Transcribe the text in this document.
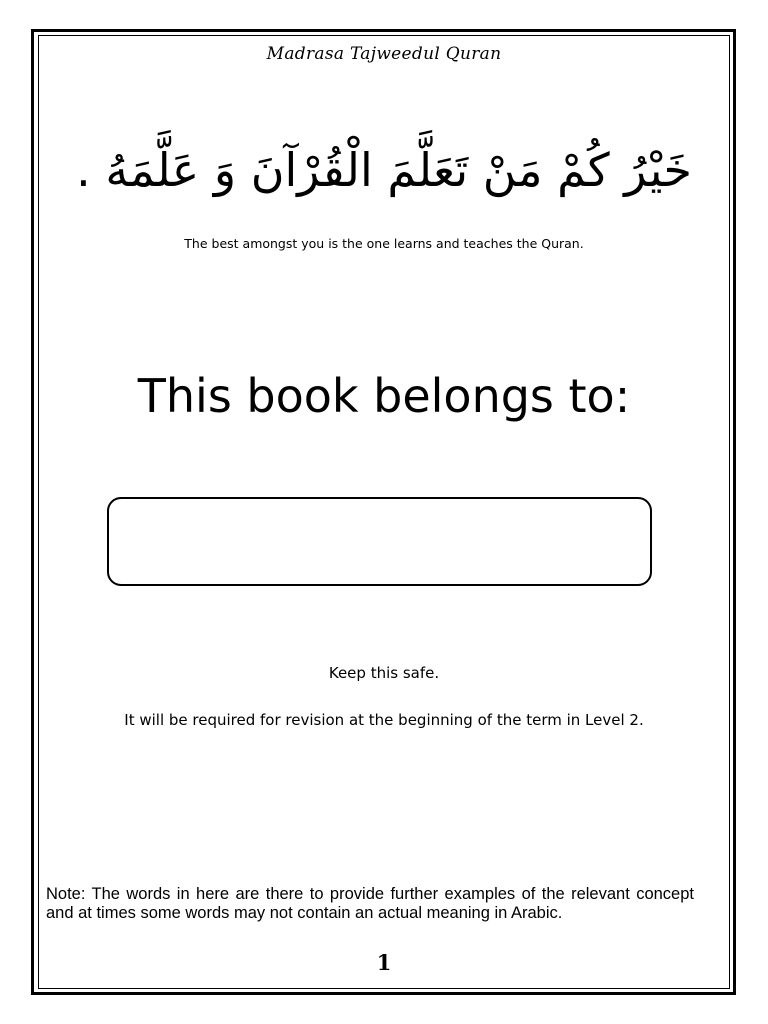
Madrasa Tajweedul Quran
خَيْرُ كُمْ مَنْ تَعَلَّمَ الْقُرْآنَ وَ عَلَّمَهُ .
The best amongst you is the one learns and teaches the Quran.
This book belongs to:
Keep this safe.
It will be required for revision at the beginning of the term in Level 2.
Note: The words in here are there to provide further examples of the relevant concept and at times some words may not contain an actual meaning in Arabic.
1
